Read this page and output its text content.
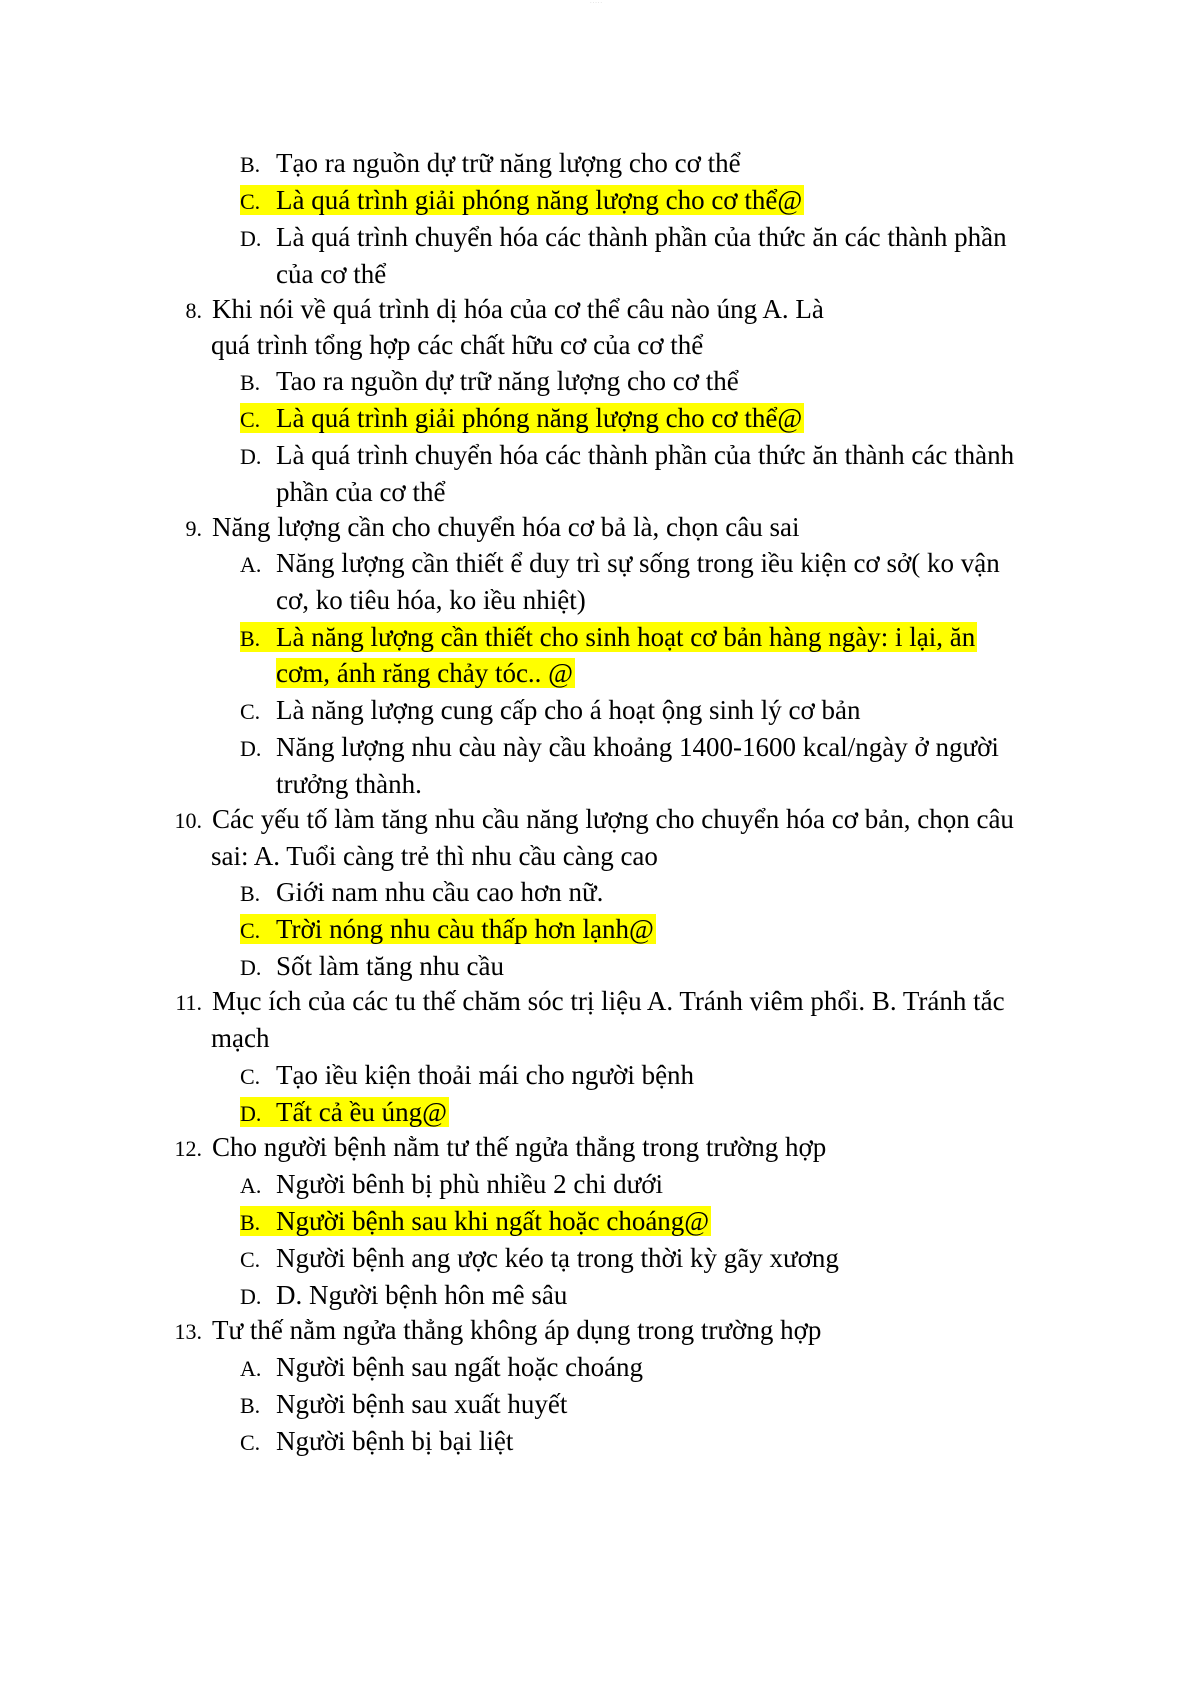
· · · · ·
B. Tạo ra nguồn dự trữ năng lượng cho cơ thể
C. Là quá trình giải phóng năng lượng cho cơ thể@
D. Là quá trình chuyển hóa các thành phần của thức ăn các thành phần
của cơ thể
8. Khi nói về quá trình dị hóa của cơ thể câu nào úng A. Là
quá trình tổng hợp các chất hữu cơ của cơ thể
B. Tao ra nguồn dự trữ năng lượng cho cơ thể
C. Là quá trình giải phóng năng lượng cho cơ thể@
D. Là quá trình chuyển hóa các thành phần của thức ăn thành các thành
phần của cơ thể
9. Năng lượng cần cho chuyển hóa cơ bả là, chọn câu sai
A. Năng lượng cần thiết ể duy trì sự sống trong iều kiện cơ sở( ko vận
cơ, ko tiêu hóa, ko iều nhiệt)
B. Là năng lượng cần thiết cho sinh hoạt cơ bản hàng ngày: i lại, ăn
cơm, ánh răng chảy tóc.. @
C. Là năng lượng cung cấp cho á hoạt ộng sinh lý cơ bản
D. Năng lượng nhu càu này cầu khoảng 1400-1600 kcal/ngày ở người
trưởng thành.
10. Các yếu tố làm tăng nhu cầu năng lượng cho chuyển hóa cơ bản, chọn câu
sai: A. Tuổi càng trẻ thì nhu cầu càng cao
B. Giới nam nhu cầu cao hơn nữ.
C. Trời nóng nhu càu thấp hơn lạnh@
D. Sốt làm tăng nhu cầu
11. Mục ích của các tu thế chăm sóc trị liệu A. Tránh viêm phổi. B. Tránh tắc
mạch
C. Tạo iều kiện thoải mái cho người bệnh
D. Tất cả ều úng@
12. Cho người bệnh nằm tư thế ngửa thẳng trong trường hợp
A. Người bênh bị phù nhiều 2 chi dưới
B. Người bệnh sau khi ngất hoặc choáng@
C. Người bệnh ang ược kéo tạ trong thời kỳ gãy xương
D. D. Người bệnh hôn mê sâu
13. Tư thế nằm ngửa thẳng không áp dụng trong trường hợp
A. Người bệnh sau ngất hoặc choáng
B. Người bệnh sau xuất huyết
C. Người bệnh bị bại liệt
